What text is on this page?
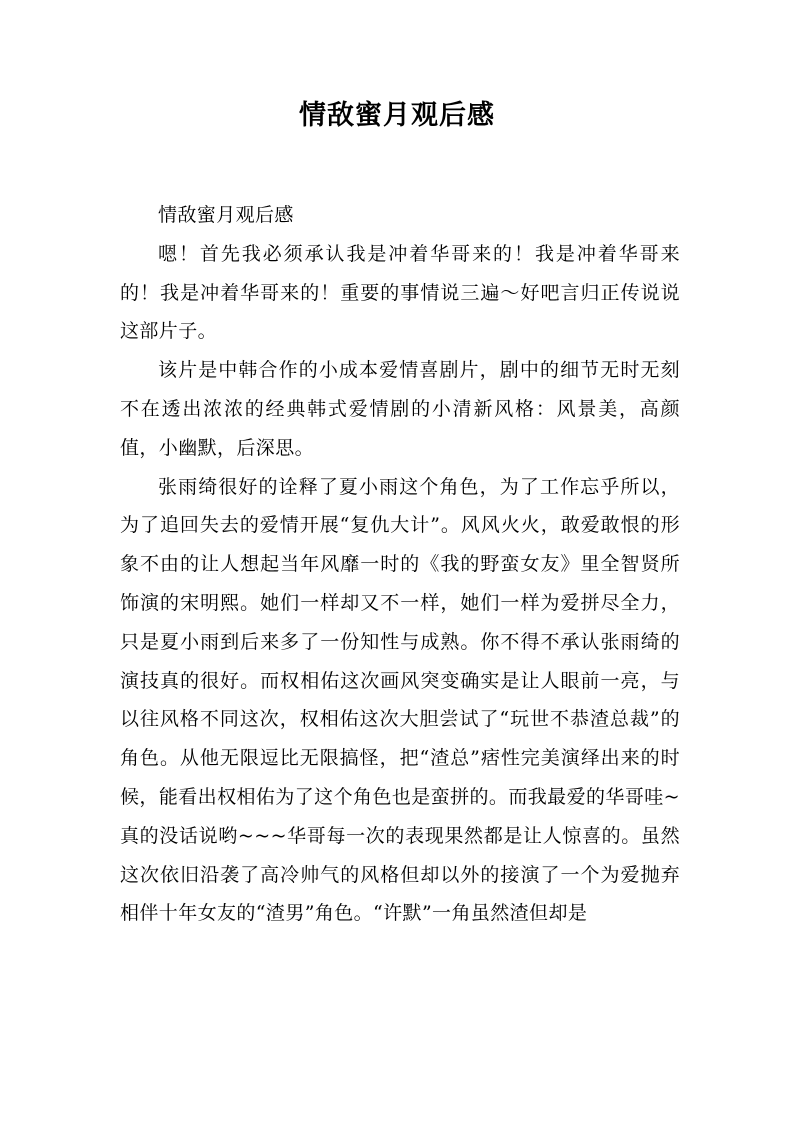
情敌蜜月观后感

情敌蜜月观后感

嗯！首先我必须承认我是冲着华哥来的！我是冲着华哥来的！我是冲着华哥来的！重要的事情说三遍～好吧言归正传说说这部片子。

该片是中韩合作的小成本爱情喜剧片，剧中的细节无时无刻不在透出浓浓的经典韩式爱情剧的小清新风格：风景美，高颜值，小幽默，后深思。

张雨绮很好的诠释了夏小雨这个角色，为了工作忘乎所以，为了追回失去的爱情开展“复仇大计”。风风火火，敢爱敢恨的形象不由的让人想起当年风靡一时的《我的野蛮女友》里全智贤所饰演的宋明熙。她们一样却又不一样，她们一样为爱拼尽全力，只是夏小雨到后来多了一份知性与成熟。你不得不承认张雨绮的演技真的很好。而权相佑这次画风突变确实是让人眼前一亮，与以往风格不同这次，权相佑这次大胆尝试了“玩世不恭渣总裁”的角色。从他无限逗比无限搞怪，把“渣总”痞性完美演绎出来的时候，能看出权相佑为了这个角色也是蛮拼的。而我最爱的华哥哇~真的没话说哟~~~华哥每一次的表现果然都是让人惊喜的。虽然这次依旧沿袭了高冷帅气的风格但却以外的接演了一个为爱抛弃相伴十年女友的“渣男”角色。“许默”一角虽然渣但却是
